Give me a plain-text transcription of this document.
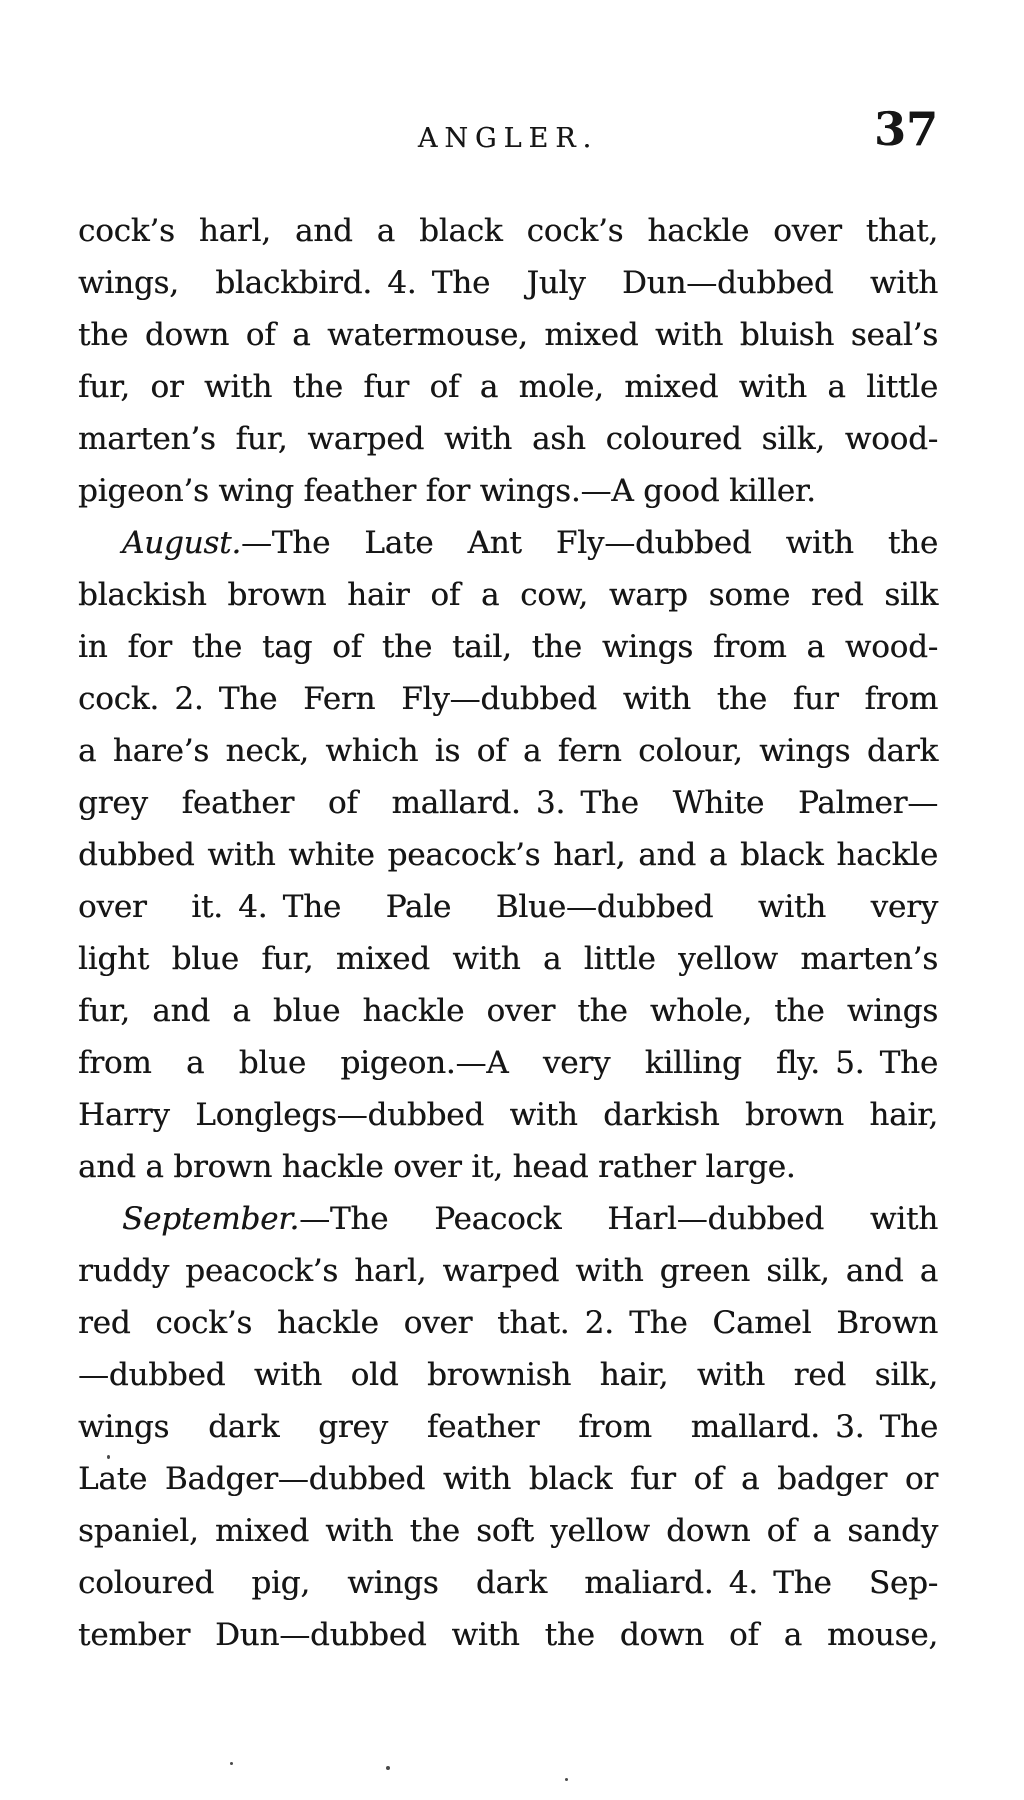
ANGLER.	37
cock’s harl, and a black cock’s hackle over that,
wings, blackbird. 4. The July Dun—dubbed with
the down of a watermouse, mixed with bluish seal’s
fur, or with the fur of a mole, mixed with a little
marten’s fur, warped with ash coloured silk, wood-
pigeon’s wing feather for wings.—A good killer.
August.—The Late Ant Fly—dubbed with the
blackish brown hair of a cow, warp some red silk
in for the tag of the tail, the wings from a wood-
cock. 2. The Fern Fly—dubbed with the fur from
a hare’s neck, which is of a fern colour, wings dark
grey feather of mallard. 3. The White Palmer—
dubbed with white peacock’s harl, and a black hackle
over it. 4. The Pale Blue—dubbed with very
light blue fur, mixed with a little yellow marten’s
fur, and a blue hackle over the whole, the wings
from a blue pigeon.—A very killing fly. 5. The
Harry Longlegs—dubbed with darkish brown hair,
and a brown hackle over it, head rather large.
September.—The Peacock Harl—dubbed with
ruddy peacock’s harl, warped with green silk, and a
red cock’s hackle over that. 2. The Camel Brown
—dubbed with old brownish hair, with red silk,
wings dark grey feather from mallard. 3. The
Late Badger—dubbed with black fur of a badger or
spaniel, mixed with the soft yellow down of a sandy
coloured pig, wings dark maliard. 4. The Sep-
tember Dun—dubbed with the down of a mouse,
